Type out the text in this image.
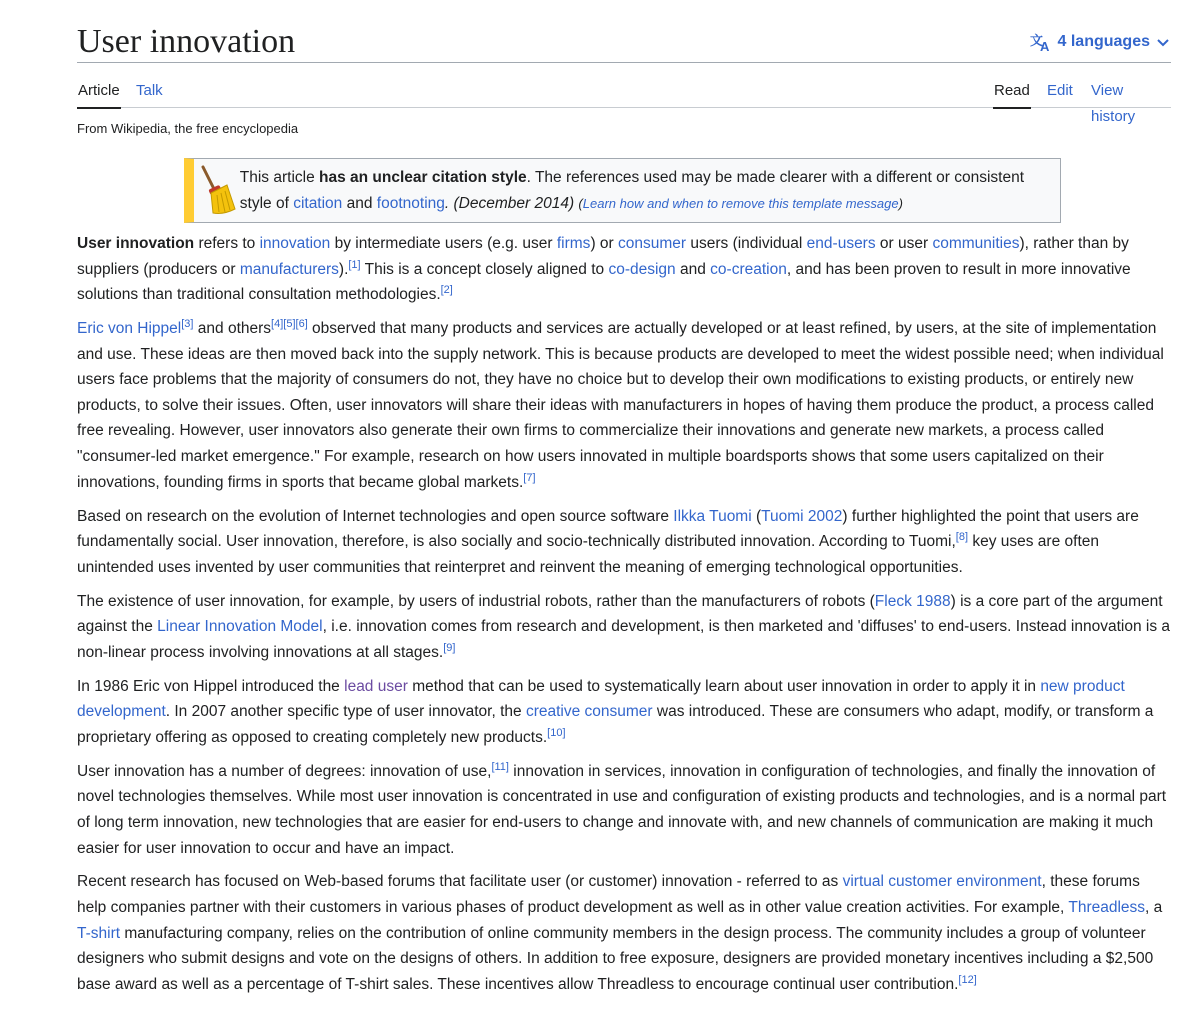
User innovation	文
A 4 languages
Article Talk	Read Edit View history
From Wikipedia, the free encyclopedia
This article has an unclear citation style. The references used may be made clearer with a different or consistent style of citation and footnoting. (December 2014) (Learn how and when to remove this template message)

User innovation refers to innovation by intermediate users (e.g. user firms) or consumer users (individual end-users or user communities), rather than by suppliers (producers or manufacturers).[1] This is a concept closely aligned to co-design and co-creation, and has been proven to result in more innovative solutions than traditional consultation methodologies.[2]

Eric von Hippel[3] and others[4][5][6] observed that many products and services are actually developed or at least refined, by users, at the site of implementation and use. These ideas are then moved back into the supply network. This is because products are developed to meet the widest possible need; when individual users face problems that the majority of consumers do not, they have no choice but to develop their own modifications to existing products, or entirely new products, to solve their issues. Often, user innovators will share their ideas with manufacturers in hopes of having them produce the product, a process called free revealing. However, user innovators also generate their own firms to commercialize their innovations and generate new markets, a process called "consumer-led market emergence." For example, research on how users innovated in multiple boardsports shows that some users capitalized on their innovations, founding firms in sports that became global markets.[7]

Based on research on the evolution of Internet technologies and open source software Ilkka Tuomi (Tuomi 2002) further highlighted the point that users are fundamentally social. User innovation, therefore, is also socially and socio-technically distributed innovation. According to Tuomi,[8] key uses are often unintended uses invented by user communities that reinterpret and reinvent the meaning of emerging technological opportunities.

The existence of user innovation, for example, by users of industrial robots, rather than the manufacturers of robots (Fleck 1988) is a core part of the argument against the Linear Innovation Model, i.e. innovation comes from research and development, is then marketed and 'diffuses' to end-users. Instead innovation is a non-linear process involving innovations at all stages.[9]

In 1986 Eric von Hippel introduced the lead user method that can be used to systematically learn about user innovation in order to apply it in new product development. In 2007 another specific type of user innovator, the creative consumer was introduced. These are consumers who adapt, modify, or transform a proprietary offering as opposed to creating completely new products.[10]

User innovation has a number of degrees: innovation of use,[11] innovation in services, innovation in configuration of technologies, and finally the innovation of novel technologies themselves. While most user innovation is concentrated in use and configuration of existing products and technologies, and is a normal part of long term innovation, new technologies that are easier for end-users to change and innovate with, and new channels of communication are making it much easier for user innovation to occur and have an impact.

Recent research has focused on Web-based forums that facilitate user (or customer) innovation - referred to as virtual customer environment, these forums help companies partner with their customers in various phases of product development as well as in other value creation activities. For example, Threadless, a T-shirt manufacturing company, relies on the contribution of online community members in the design process. The community includes a group of volunteer designers who submit designs and vote on the designs of others. In addition to free exposure, designers are provided monetary incentives including a $2,500 base award as well as a percentage of T-shirt sales. These incentives allow Threadless to encourage continual user contribution.[12]
